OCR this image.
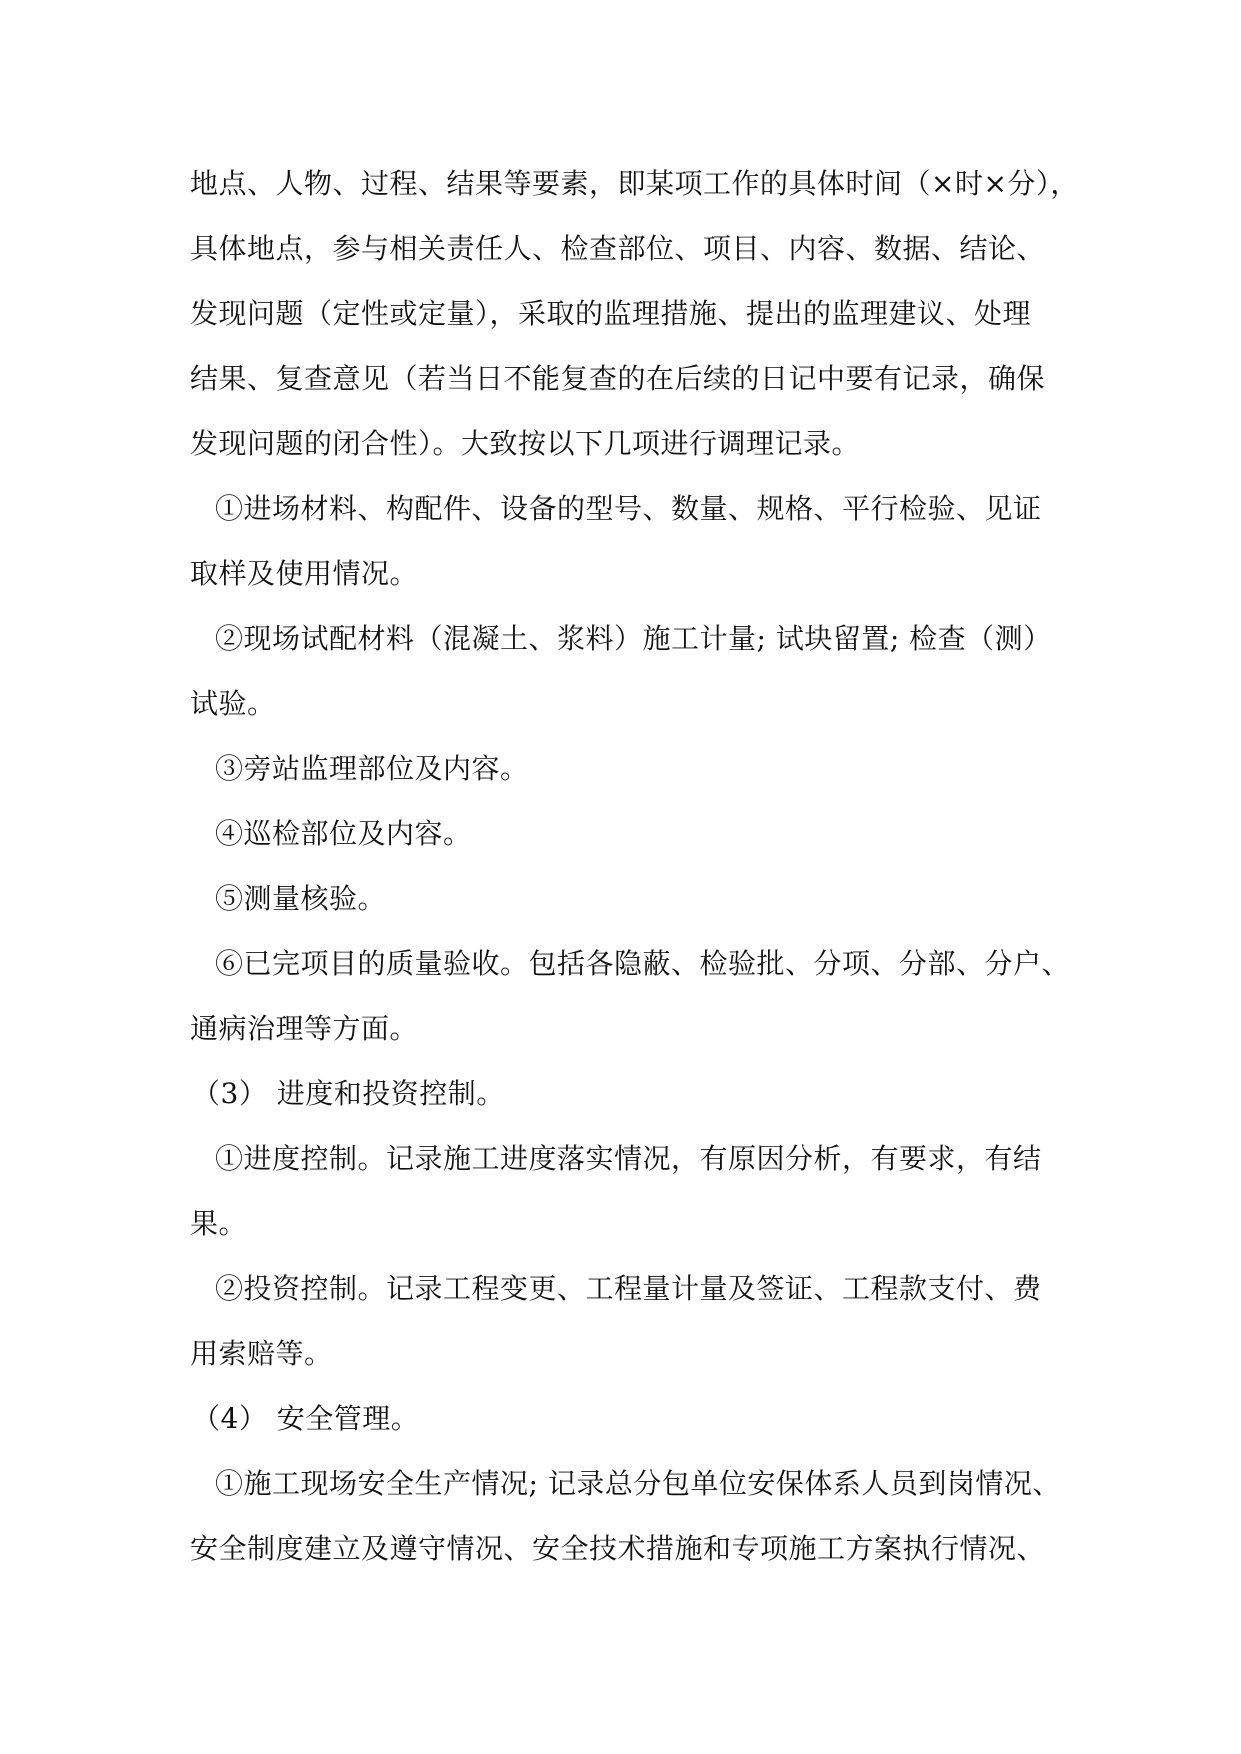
地点、人物、过程、结果等要素，即某项工作的具体时间（×时×分），
具体地点，参与相关责任人、检查部位、项目、内容、数据、结论、
发现问题（定性或定量），采取的监理措施、提出的监理建议、处理
结果、复查意见（若当日不能复查的在后续的日记中要有记录，确保
发现问题的闭合性）。大致按以下几项进行调理记录。
①进场材料、构配件、设备的型号、数量、规格、平行检验、见证
取样及使用情况。
②现场试配材料（混凝土、浆料）施工计量; 试块留置; 检查（测）
试验。
③旁站监理部位及内容。
④巡检部位及内容。
⑤测量核验。
⑥已完项目的质量验收。包括各隐蔽、检验批、分项、分部、分户、
通病治理等方面。
（3） 进度和投资控制。
①进度控制。记录施工进度落实情况，有原因分析，有要求，有结
果。
②投资控制。记录工程变更、工程量计量及签证、工程款支付、费
用索赔等。
（4） 安全管理。
①施工现场安全生产情况; 记录总分包单位安保体系人员到岗情况、
安全制度建立及遵守情况、安全技术措施和专项施工方案执行情况、
